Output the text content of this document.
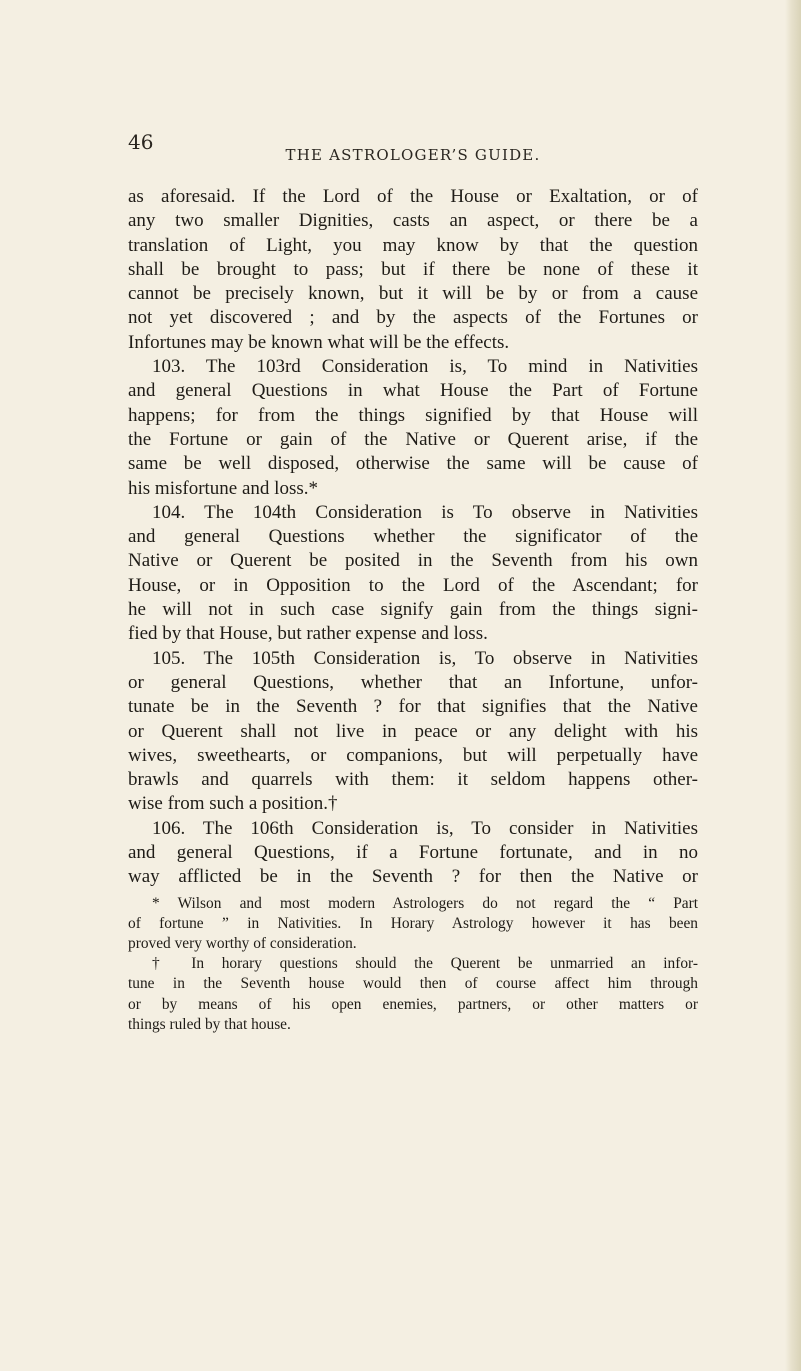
46
THE ASTROLOGER’S GUIDE.
as aforesaid. If the Lord of the House or Exaltation, or of
any two smaller Dignities, casts an aspect, or there be a
translation of Light, you may know by that the question
shall be brought to pass; but if there be none of these it
cannot be precisely known, but it will be by or from a cause
not yet discovered ; and by the aspects of the Fortunes or
Infortunes may be known what will be the effects.
103. The 103rd Consideration is, To mind in Nativities
and general Questions in what House the Part of Fortune
happens; for from the things signified by that House will
the Fortune or gain of the Native or Querent arise, if the
same be well disposed, otherwise the same will be cause of
his misfortune and loss.*
104. The 104th Consideration is To observe in Nativities
and general Questions whether the significator of the
Native or Querent be posited in the Seventh from his own
House, or in Opposition to the Lord of the Ascendant; for
he will not in such case signify gain from the things signi-
fied by that House, but rather expense and loss.
105. The 105th Consideration is, To observe in Nativities
or general Questions, whether that an Infortune, unfor-
tunate be in the Seventh ? for that signifies that the Native
or Querent shall not live in peace or any delight with his
wives, sweethearts, or companions, but will perpetually have
brawls and quarrels with them: it seldom happens other-
wise from such a position.†
106. The 106th Consideration is, To consider in Nativities
and general Questions, if a Fortune fortunate, and in no
way afflicted be in the Seventh ? for then the Native or
* Wilson and most modern Astrologers do not regard the “ Part
of fortune ” in Nativities. In Horary Astrology however it has been
proved very worthy of consideration.
† In horary questions should the Querent be unmarried an infor-
tune in the Seventh house would then of course affect him through
or by means of his open enemies, partners, or other matters or
things ruled by that house.
